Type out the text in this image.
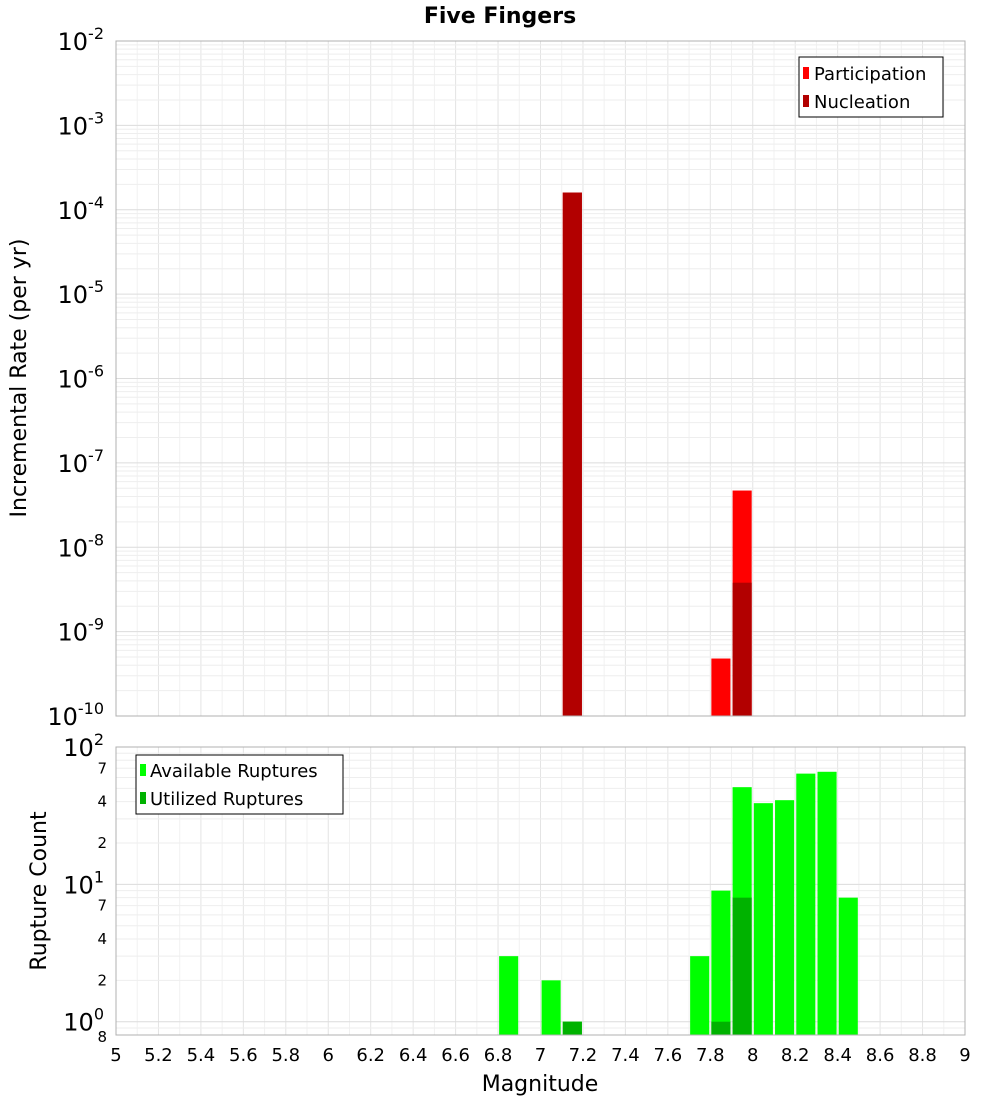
Five Fingers
$10^{-10}$
$10^{-9}$
$10^{-8}$
$10^{-7}$
$10^{-6}$
$10^{-5}$
$10^{-4}$
$10^{-3}$
$10^{-2}$
Incremental Rate (per yr)
Participation
Nucleation
8
$10^0$
2
4
7
$10^1$
2
4
7
$10^2$
5 5.2 5.4 5.6 5.8 6 6.2 6.4 6.6 6.8 7 7.2 7.4 7.6 7.8 8 8.2 8.4 8.6 8.8 9
Rupture Count
Magnitude
Available Ruptures
Utilized Ruptures
